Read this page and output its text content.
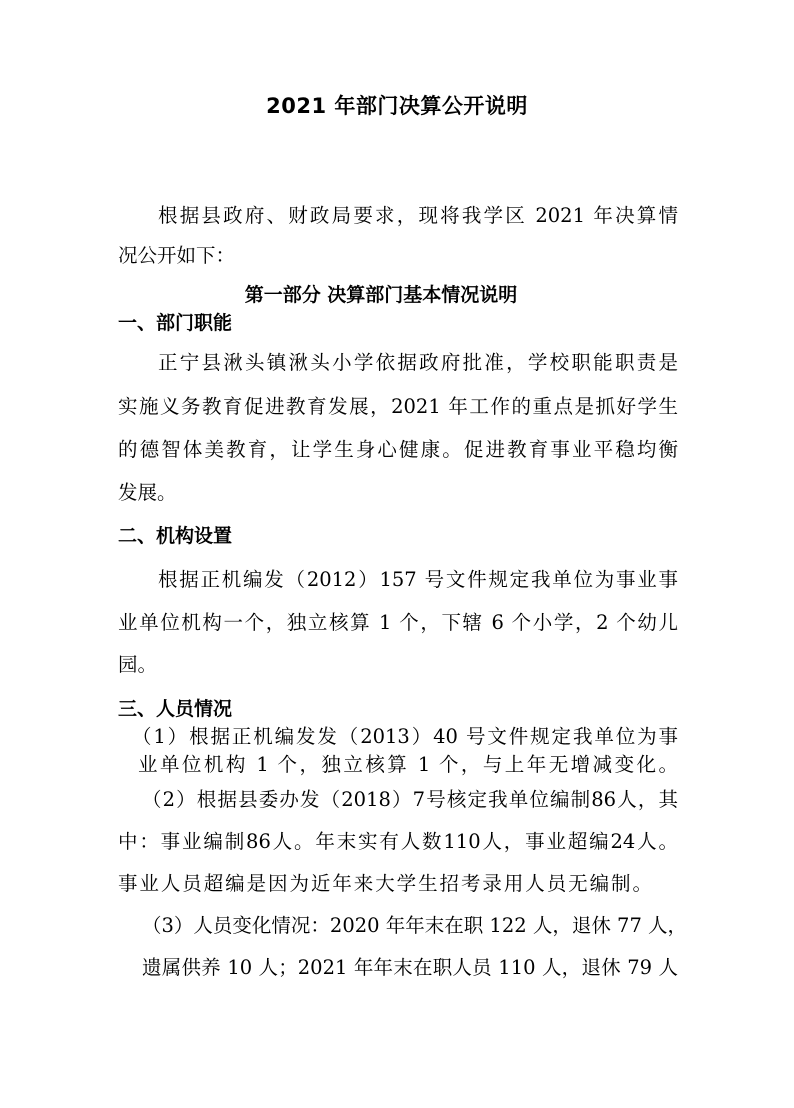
2021 年部门决算公开说明
根据县政府、财政局要求，现将我学区 2021 年决算情
况公开如下：
第一部分 决算部门基本情况说明
一、部门职能
正宁县湫头镇湫头小学依据政府批准，学校职能职责是
实施义务教育促进教育发展，2021 年工作的重点是抓好学生
的德智体美教育，让学生身心健康。促进教育事业平稳均衡
发展。
二、机构设置
根据正机编发（2012）157 号文件规定我单位为事业事
业单位机构一个，独立核算 1 个，下辖 6 个小学，2 个幼儿
园。
三、人员情况
（1）根据正机编发发（2013）40 号文件规定我单位为事
业单位机构 1 个，独立核算 1 个，与上年无增减变化。
（2）根据县委办发（2018）7号核定我单位编制86人，其
中：事业编制86人。年末实有人数110人，事业超编24人。
事业人员超编是因为近年来大学生招考录用人员无编制。
（3）人员变化情况：2020 年年末在职 122 人，退休 77 人，
遗属供养 10 人；2021 年年末在职人员 110 人，退休 79 人
